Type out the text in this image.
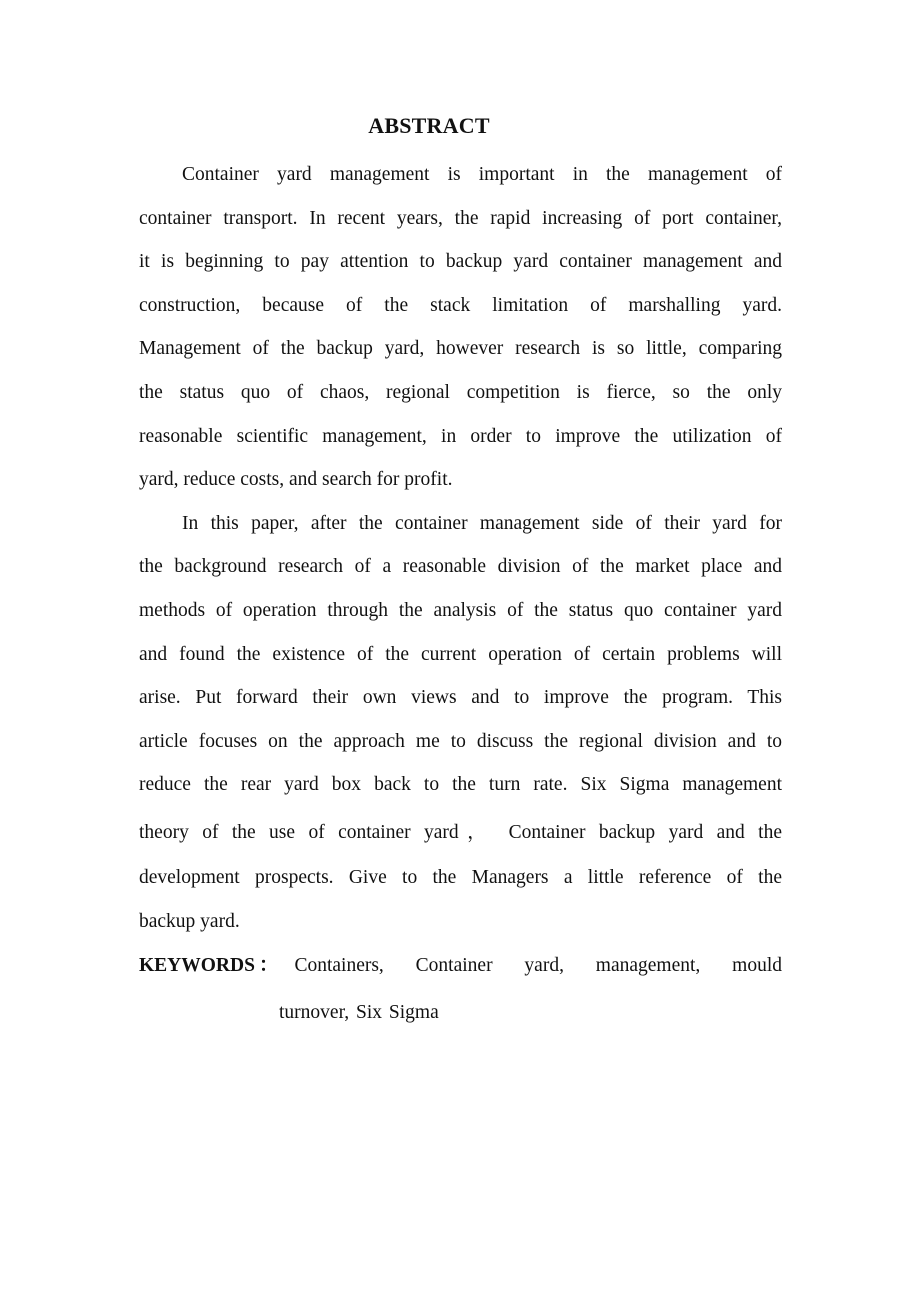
ABSTRACT

Container yard management is important in the management of
container transport. In recent years, the rapid increasing of port container,
it is beginning to pay attention to backup yard container management and
construction, because of the stack limitation of marshalling yard.
Management of the backup yard, however research is so little, comparing
the status quo of chaos, regional competition is fierce, so the only
reasonable scientific management, in order to improve the utilization of
yard, reduce costs, and search for profit.

In this paper, after the container management side of their yard for
the background research of a reasonable division of the market place and
methods of operation through the analysis of the status quo container yard
and found the existence of the current operation of certain problems will
arise. Put forward their own views and to improve the program. This
article focuses on the approach me to discuss the regional division and to
reduce the rear yard box back to the turn rate. Six Sigma management
theory of the use of container yard， Container backup yard and the
development prospects. Give to the Managers a little reference of the
backup yard.

KEYWORDS ： Containers, Container yard, management, mould
turnover, Six Sigma
